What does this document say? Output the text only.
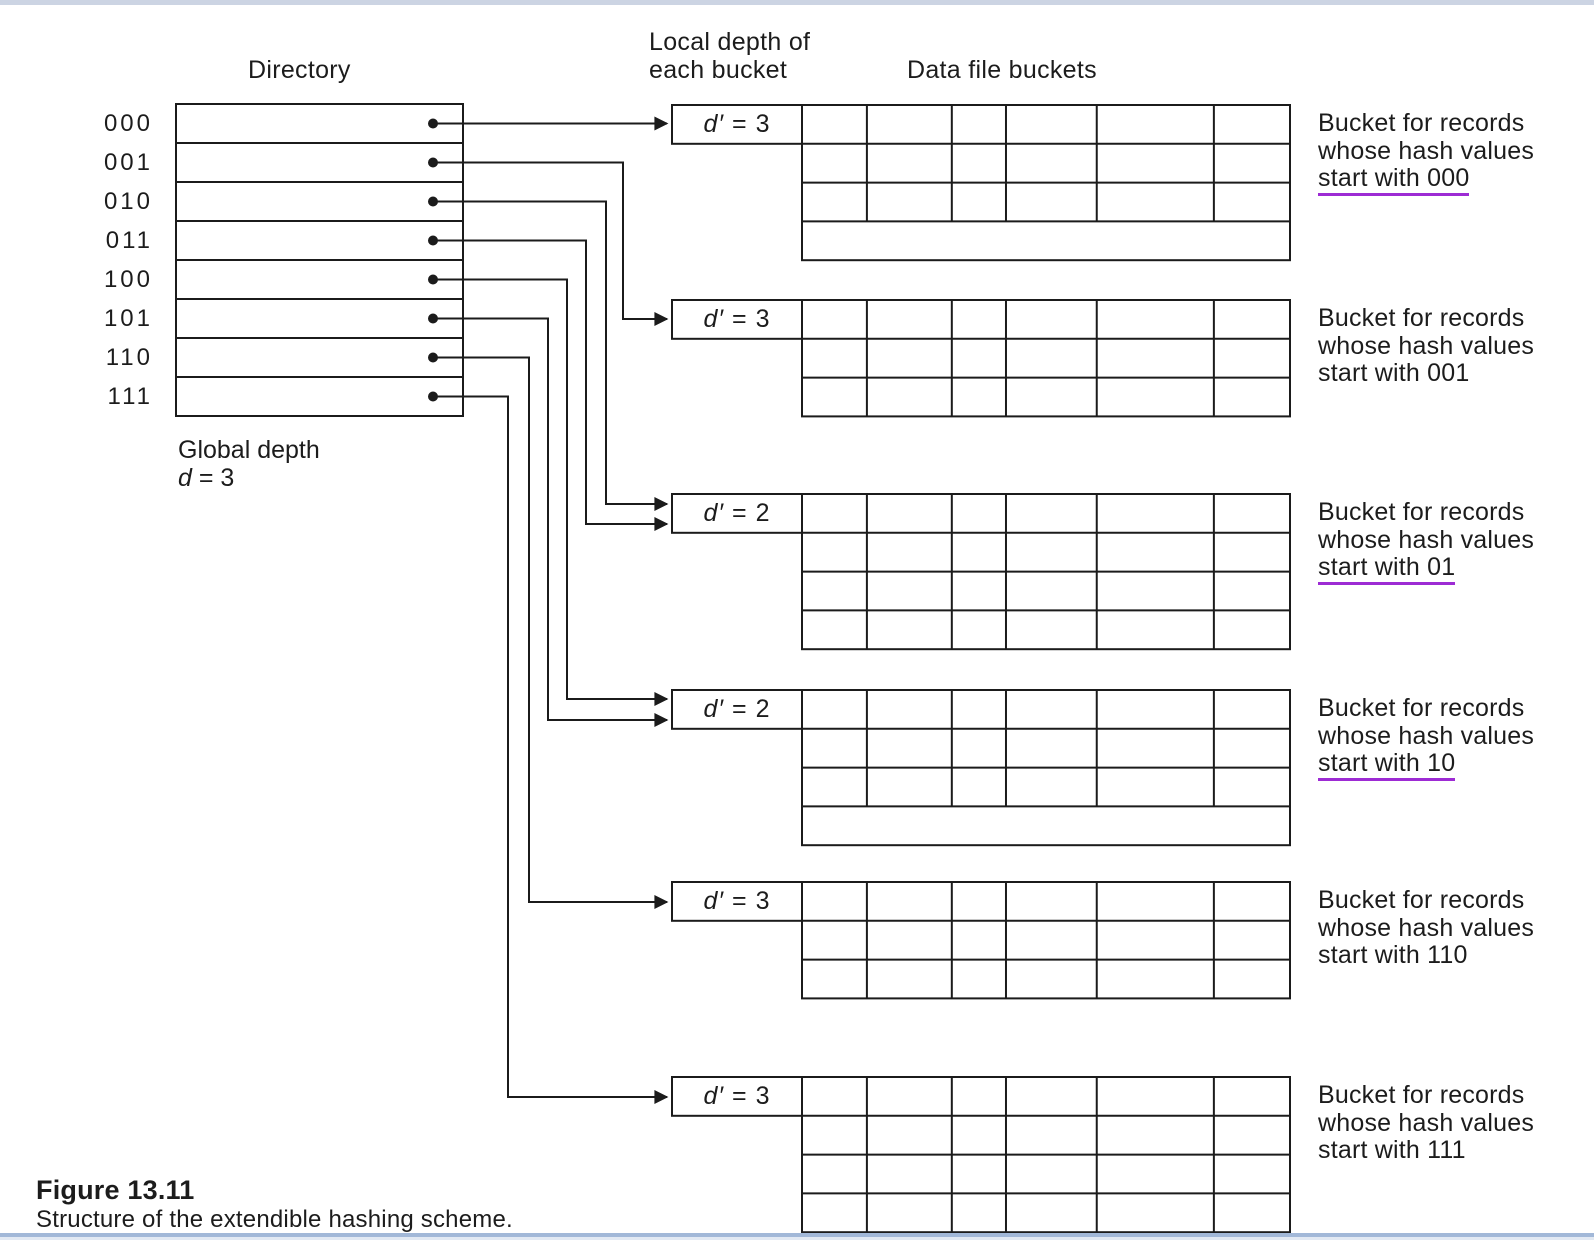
Directory
Local depth of
each bucket	Data file buckets
Global depth
d = 3
Figure 13.11
Structure of the extendible hashing scheme.
000
001
010
011
100
101
110
111
d′ = 3	Bucket for records
whose hash values
start with 000
d′ = 3	Bucket for records
whose hash values
start with 001
d′ = 2	Bucket for records
whose hash values
start with 01
d′ = 2	Bucket for records
whose hash values
start with 10
d′ = 3	Bucket for records
whose hash values
start with 110
d′ = 3	Bucket for records
whose hash values
start with 111
